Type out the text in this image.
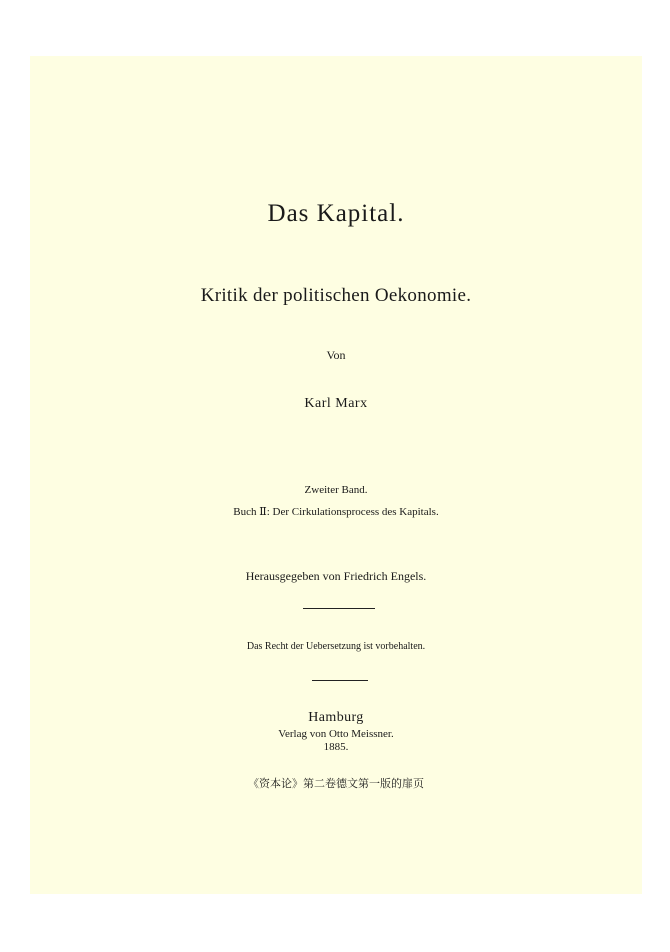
Das Kapital.
Kritik der politischen Oekonomie.
Von
Karl Marx
Zweiter Band.
Buch Ⅱ: Der Cirkulationsprocess des Kapitals.
Herausgegeben von Friedrich Engels.
Das Recht der Uebersetzung ist vorbehalten.
Hamburg
Verlag von Otto Meissner.
1885.
《资本论》第二卷德文第一版的扉页
